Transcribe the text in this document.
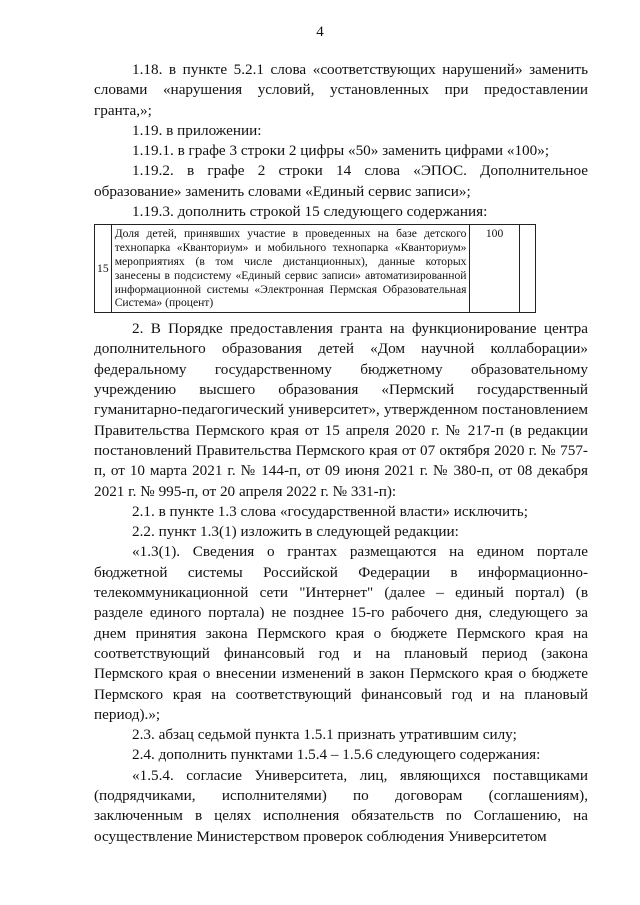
4

1.18. в пункте 5.2.1 слова «соответствующих нарушений» заменить словами «нарушения условий, установленных при предоставлении гранта,»;

1.19. в приложении:

1.19.1. в графе 3 строки 2 цифры «50» заменить цифрами «100»;

1.19.2. в графе 2 строки 14 слова «ЭПОС. Дополнительное образование» заменить словами «Единый сервис записи»;

1.19.3. дополнить строкой 15 следующего содержания:

15	Доля детей, принявших участие в проведенных на базе детского технопарка «Кванториум» и мобильного технопарка «Кванториум» мероприятиях (в том числе дистанционных), данные которых занесены в подсистему «Единый сервис записи» автоматизированной информационной системы «Электронная Пермская Образовательная Система» (процент)	100	

2. В Порядке предоставления гранта на функционирование центра дополнительного образования детей «Дом научной коллаборации» федеральному государственному бюджетному образовательному учреждению высшего образования «Пермский государственный гуманитарно-педагогический университет», утвержденном постановлением Правительства Пермского края от 15 апреля 2020 г. № 217-п (в редакции постановлений Правительства Пермского края от 07 октября 2020 г. № 757-п, от 10 марта 2021 г. № 144-п, от 09 июня 2021 г. № 380-п, от 08 декабря 2021 г. № 995-п, от 20 апреля 2022 г. № 331-п):

2.1. в пункте 1.3 слова «государственной власти» исключить;

2.2. пункт 1.3(1) изложить в следующей редакции:

«1.3(1). Сведения о грантах размещаются на едином портале бюджетной системы Российской Федерации в информационно-телекоммуникационной сети "Интернет" (далее – единый портал) (в разделе единого портала) не позднее 15-го рабочего дня, следующего за днем принятия закона Пермского края о бюджете Пермского края на соответствующий финансовый год и на плановый период (закона Пермского края о внесении изменений в закон Пермского края о бюджете Пермского края на соответствующий финансовый год и на плановый период).»;

2.3. абзац седьмой пункта 1.5.1 признать утратившим силу;

2.4. дополнить пунктами 1.5.4 – 1.5.6 следующего содержания:

«1.5.4. согласие Университета, лиц, являющихся поставщиками (подрядчиками, исполнителями) по договорам (соглашениям), заключенным в целях исполнения обязательств по Соглашению, на осуществление Министерством проверок соблюдения Университетом
